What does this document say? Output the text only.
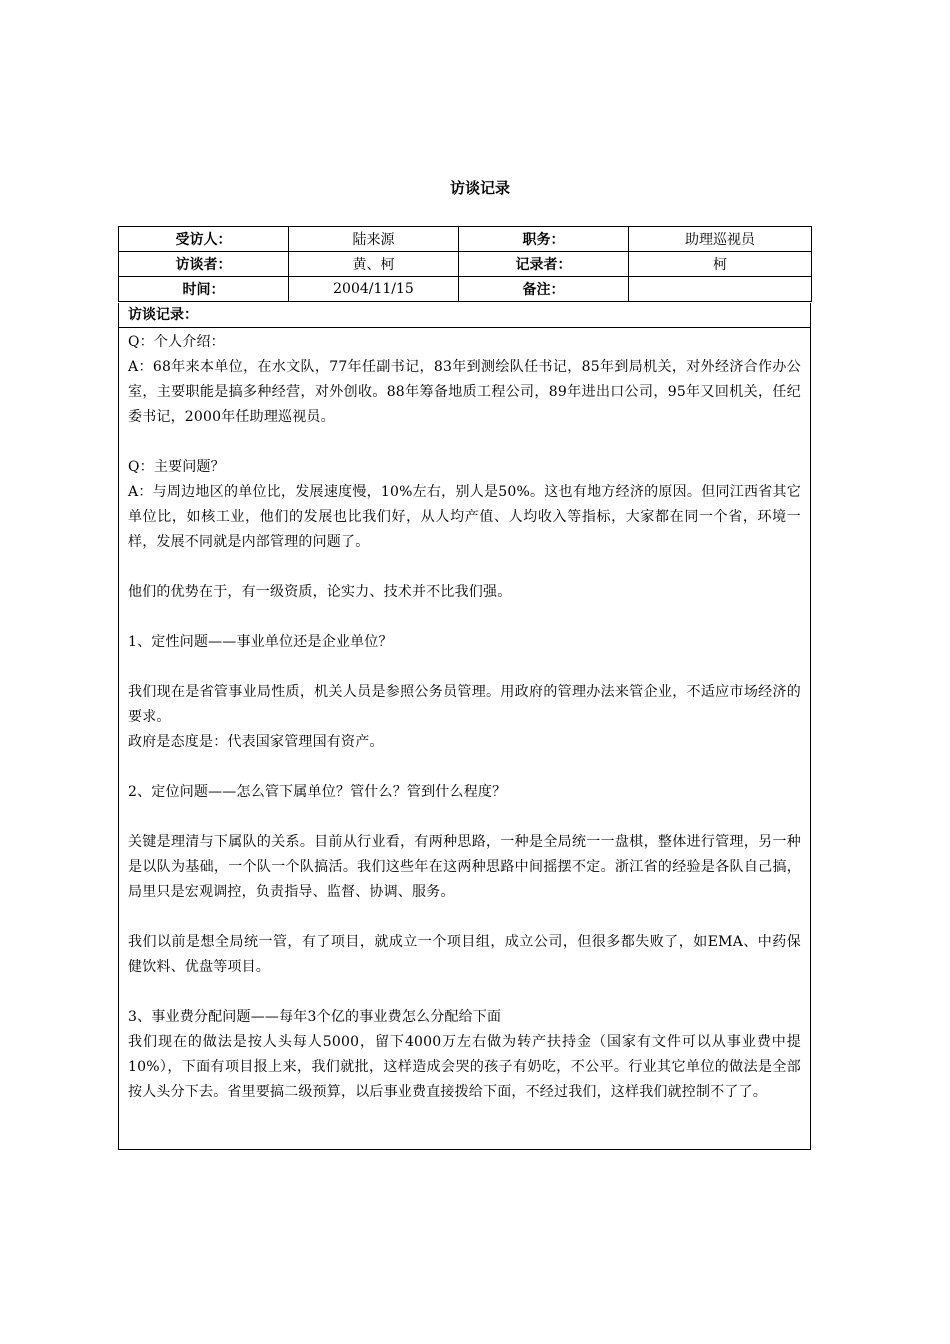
访谈记录
受访人：	陆来源	职务：	助理巡视员
访谈者：	黄、柯	记录者：	柯
时间：	2004/11/15	备注：	
访谈记录：

Q：个人介绍：

A：68年来本单位，在水文队，77年任副书记，83年到测绘队任书记，85年到局机关，对外经济合作办公室，主要职能是搞多种经营，对外创收。88年筹备地质工程公司，89年进出口公司，95年又回机关，任纪委书记，2000年任助理巡视员。

Q：主要问题？

A：与周边地区的单位比，发展速度慢，10%左右，别人是50%。这也有地方经济的原因。但同江西省其它单位比，如核工业，他们的发展也比我们好，从人均产值、人均收入等指标，大家都在同一个省，环境一样，发展不同就是内部管理的问题了。

他们的优势在于，有一级资质，论实力、技术并不比我们强。

1、定性问题——事业单位还是企业单位？

我们现在是省管事业局性质，机关人员是参照公务员管理。用政府的管理办法来管企业，不适应市场经济的要求。

政府是态度是：代表国家管理国有资产。

2、定位问题——怎么管下属单位？管什么？管到什么程度？

关键是理清与下属队的关系。目前从行业看，有两种思路，一种是全局统一一盘棋，整体进行管理，另一种是以队为基础，一个队一个队搞活。我们这些年在这两种思路中间摇摆不定。浙江省的经验是各队自己搞，局里只是宏观调控，负责指导、监督、协调、服务。

我们以前是想全局统一管，有了项目，就成立一个项目组，成立公司，但很多都失败了，如EMA、中药保健饮料、优盘等项目。

3、事业费分配问题——每年3个亿的事业费怎么分配给下面

我们现在的做法是按人头每人5000，留下4000万左右做为转产扶持金（国家有文件可以从事业费中提10%），下面有项目报上来，我们就批，这样造成会哭的孩子有奶吃，不公平。行业其它单位的做法是全部按人头分下去。省里要搞二级预算，以后事业费直接拨给下面，不经过我们，这样我们就控制不了了。
